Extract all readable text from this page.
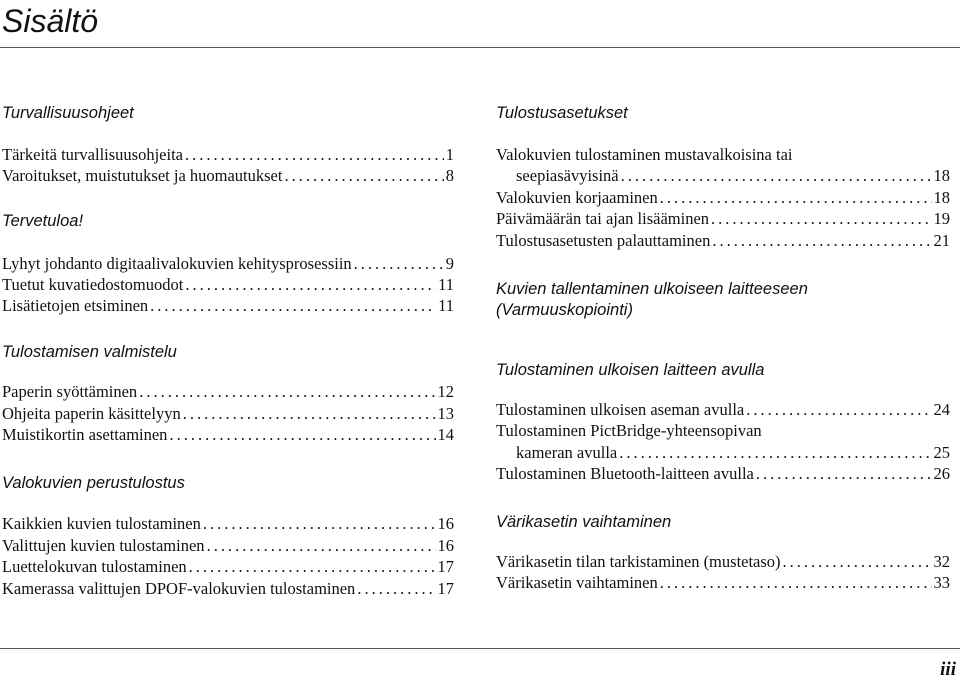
Sisältö
Turvallisuusohjeet
Tärkeitä turvallisuusohjeita .....	1
Varoitukset, muistutukset ja huomautukset .....	8
Tervetuloa!
Lyhyt johdanto digitaalivalokuvien kehitysprosessiin .....	9
Tuetut kuvatiedostomuodot .....	11
Lisätietojen etsiminen .....	11
Tulostamisen valmistelu
Paperin syöttäminen .....	12
Ohjeita paperin käsittelyyn .....	13
Muistikortin asettaminen .....	14
Valokuvien perustulostus
Kaikkien kuvien tulostaminen .....	16
Valittujen kuvien tulostaminen .....	16
Luettelokuvan tulostaminen .....	17
Kamerassa valittujen DPOF-valokuvien tulostaminen .....	17
Tulostusasetukset
Valokuvien tulostaminen mustavalkoisina tai
seepiasävyisinä .....	18
Valokuvien korjaaminen .....	18
Päivämäärän tai ajan lisääminen .....	19
Tulostusasetusten palauttaminen .....	21
Kuvien tallentaminen ulkoiseen laitteeseen
(Varmuuskopiointi)
Tulostaminen ulkoisen laitteen avulla
Tulostaminen ulkoisen aseman avulla .....	24
Tulostaminen PictBridge-yhteensopivan
kameran avulla .....	25
Tulostaminen Bluetooth-laitteen avulla .....	26
Värikasetin vaihtaminen
Värikasetin tilan tarkistaminen (mustetaso) .....	32
Värikasetin vaihtaminen .....	33
iii
